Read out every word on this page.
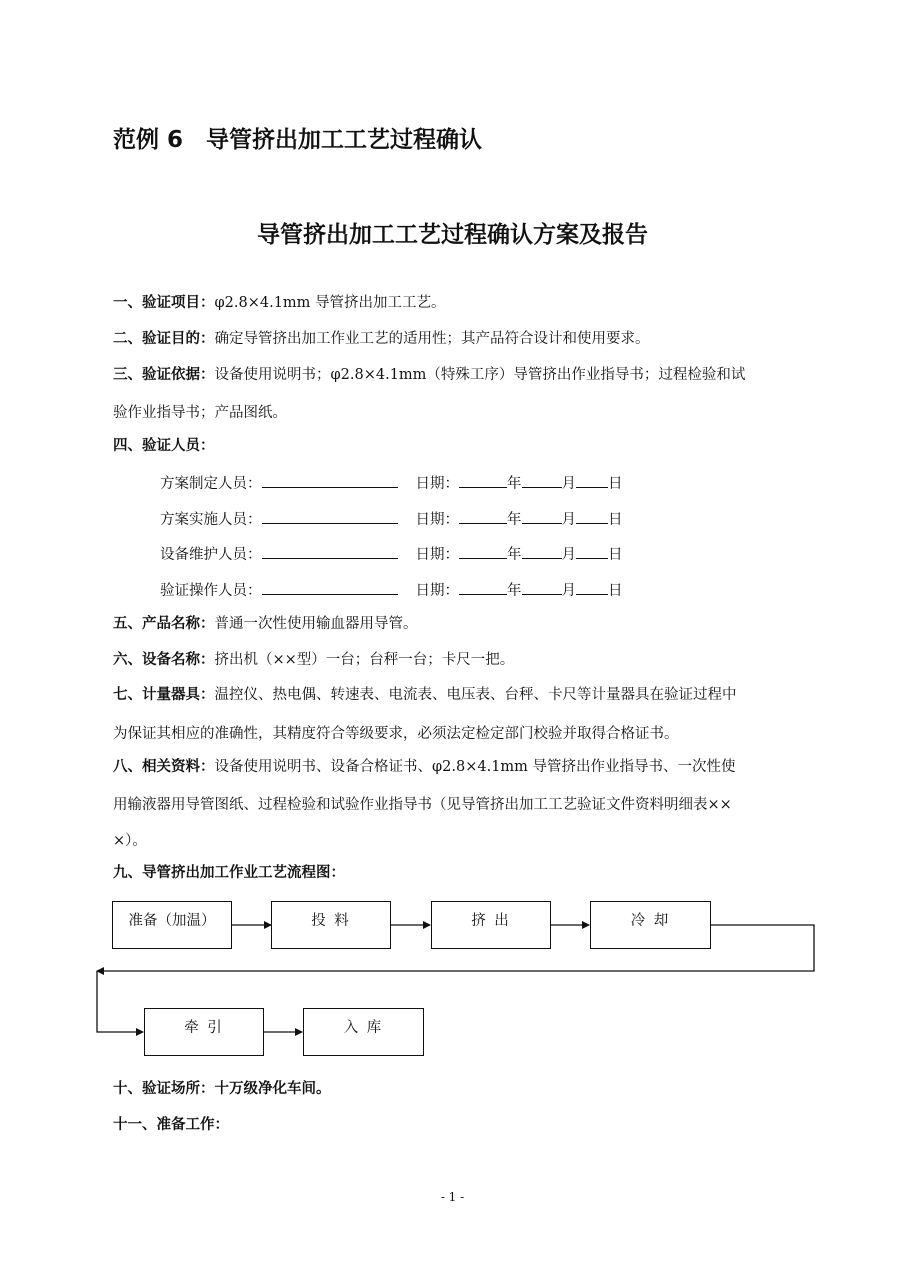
范例 6　导管挤出加工工艺过程确认
导管挤出加工工艺过程确认方案及报告
一、验证项目：φ2.8×4.1mm 导管挤出加工工艺。
二、验证目的：确定导管挤出加工作业工艺的适用性；其产品符合设计和使用要求。
三、验证依据：设备使用说明书；φ2.8×4.1mm（特殊工序）导管挤出作业指导书；过程检验和试
验作业指导书；产品图纸。
四、验证人员：
方案制定人员：	日期：	年	月 日
方案实施人员：	日期：	年	月 日
设备维护人员：	日期：	年	月 日
验证操作人员：	日期：	年	月 日
五、产品名称：普通一次性使用输血器用导管。
六、设备名称：挤出机（××型）一台；台秤一台；卡尺一把。
七、计量器具：温控仪、热电偶、转速表、电流表、电压表、台秤、卡尺等计量器具在验证过程中
为保证其相应的准确性，其精度符合等级要求，必须法定检定部门校验并取得合格证书。
八、相关资料：设备使用说明书、设备合格证书、φ2.8×4.1mm 导管挤出作业指导书、一次性使
用输液器用导管图纸、过程检验和试验作业指导书（见导管挤出加工工艺验证文件资料明细表××
×）。
九、导管挤出加工作业工艺流程图：
准备（加温）	投 料	挤 出	冷 却
牵 引	入 库
十、验证场所：十万级净化车间。
十一、准备工作：
- 1 -
